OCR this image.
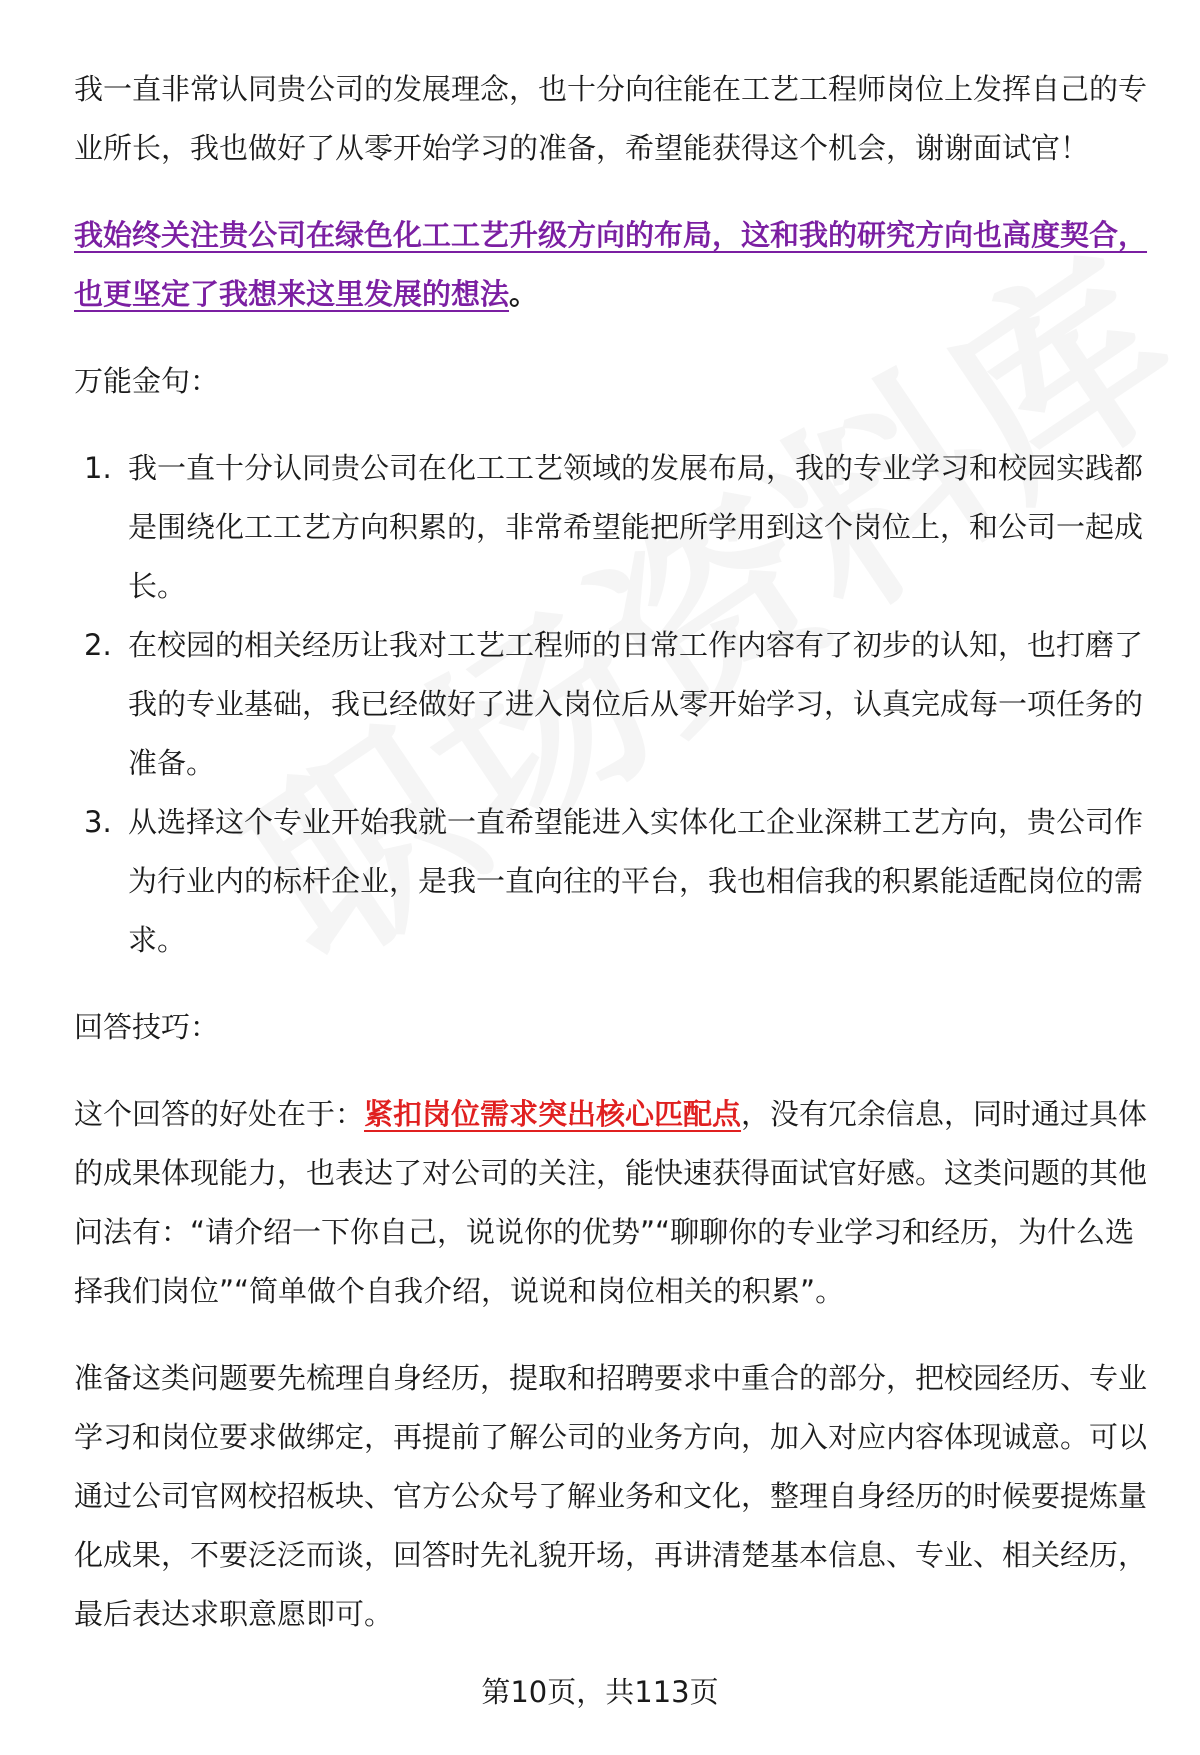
我一直非常认同贵公司的发展理念，也十分向往能在工艺工程师岗位上发挥自己的专业所长，我也做好了从零开始学习的准备，希望能获得这个机会，谢谢面试官！

我始终关注贵公司在绿色化工工艺升级方向的布局，这和我的研究方向也高度契合，也更坚定了我想来这里发展的想法。

万能金句：

1. 我一直十分认同贵公司在化工工艺领域的发展布局，我的专业学习和校园实践都是围绕化工工艺方向积累的，非常希望能把所学用到这个岗位上，和公司一起成长。
2. 在校园的相关经历让我对工艺工程师的日常工作内容有了初步的认知，也打磨了我的专业基础，我已经做好了进入岗位后从零开始学习，认真完成每一项任务的准备。
3. 从选择这个专业开始我就一直希望能进入实体化工企业深耕工艺方向，贵公司作为行业内的标杆企业，是我一直向往的平台，我也相信我的积累能适配岗位的需求。

回答技巧：

这个回答的好处在于：紧扣岗位需求突出核心匹配点，没有冗余信息，同时通过具体的成果体现能力，也表达了对公司的关注，能快速获得面试官好感。这类问题的其他问法有：“请介绍一下你自己，说说你的优势”“聊聊你的专业学习和经历，为什么选择我们岗位”“简单做个自我介绍，说说和岗位相关的积累”。

准备这类问题要先梳理自身经历，提取和招聘要求中重合的部分，把校园经历、专业学习和岗位要求做绑定，再提前了解公司的业务方向，加入对应内容体现诚意。可以通过公司官网校招板块、官方公众号了解业务和文化，整理自身经历的时候要提炼量化成果，不要泛泛而谈，回答时先礼貌开场，再讲清楚基本信息、专业、相关经历，最后表达求职意愿即可。

第10页，共113页
